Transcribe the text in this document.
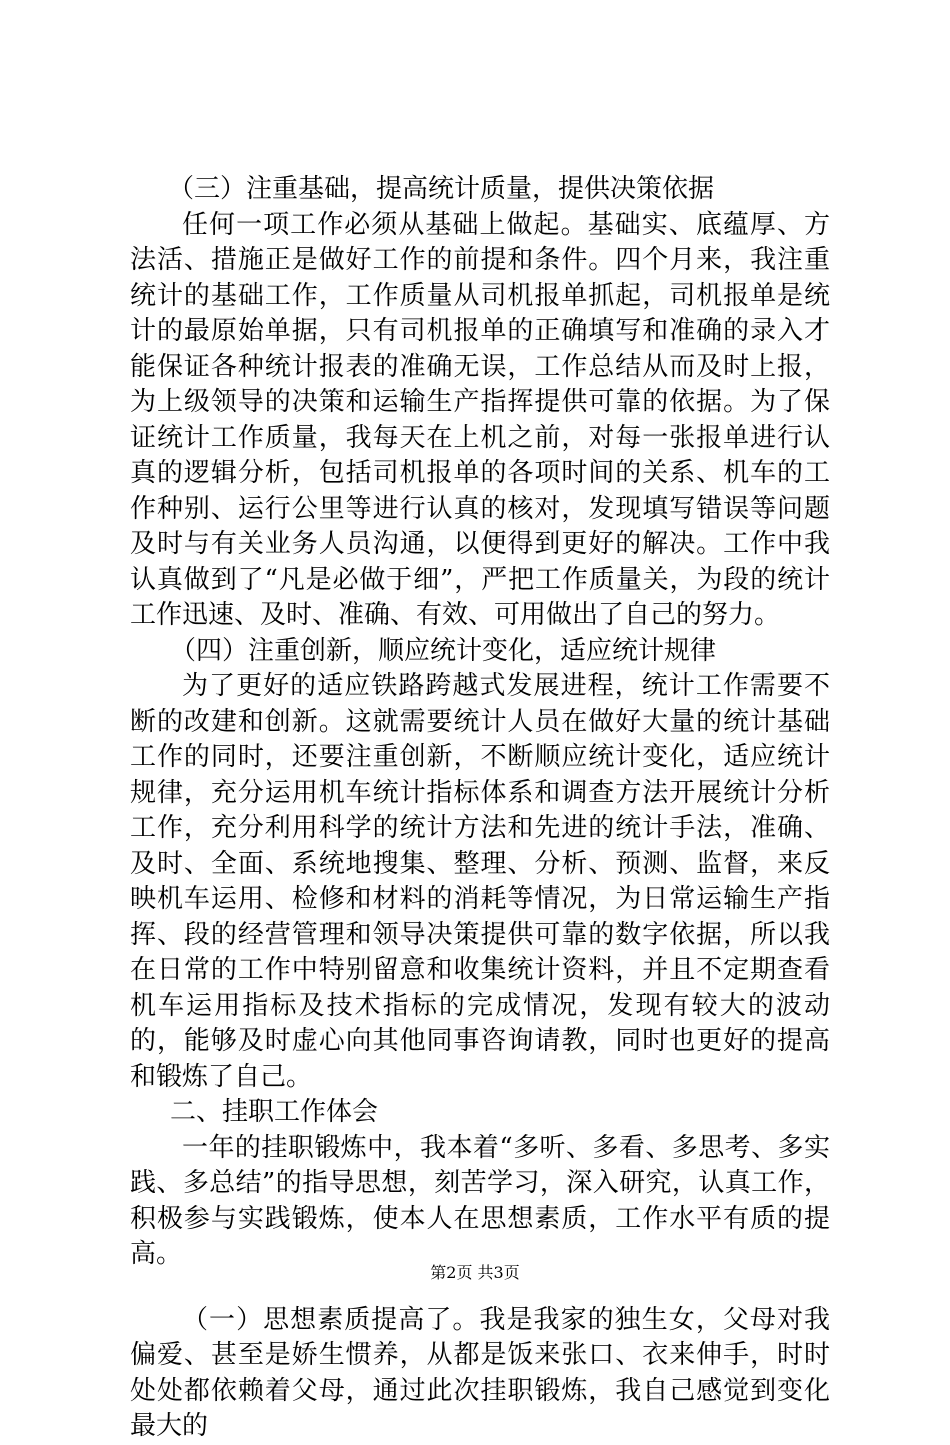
（三）注重基础，提高统计质量，提供决策依据

任何一项工作必须从基础上做起。基础实、底蕴厚、方法活、措施正是做好工作的前提和条件。四个月来，我注重统计的基础工作，工作质量从司机报单抓起，司机报单是统计的最原始单据，只有司机报单的正确填写和准确的录入才能保证各种统计报表的准确无误，工作总结从而及时上报，为上级领导的决策和运输生产指挥提供可靠的依据。为了保证统计工作质量，我每天在上机之前，对每一张报单进行认真的逻辑分析，包括司机报单的各项时间的关系、机车的工作种别、运行公里等进行认真的核对，发现填写错误等问题及时与有关业务人员沟通，以便得到更好的解决。工作中我认真做到了“凡是必做于细”，严把工作质量关，为段的统计工作迅速、及时、准确、有效、可用做出了自己的努力。

（四）注重创新，顺应统计变化，适应统计规律

为了更好的适应铁路跨越式发展进程，统计工作需要不断的改建和创新。这就需要统计人员在做好大量的统计基础工作的同时，还要注重创新，不断顺应统计变化，适应统计规律，充分运用机车统计指标体系和调查方法开展统计分析工作，充分利用科学的统计方法和先进的统计手法，准确、及时、全面、系统地搜集、整理、分析、预测、监督，来反映机车运用、检修和材料的消耗等情况，为日常运输生产指挥、段的经营管理和领导决策提供可靠的数字依据，所以我在日常的工作中特别留意和收集统计资料，并且不定期查看机车运用指标及技术指标的完成情况，发现有较大的波动的，能够及时虚心向其他同事咨询请教，同时也更好的提高和锻炼了自己。

二、挂职工作体会

一年的挂职锻炼中，我本着“多听、多看、多思考、多实践、多总结”的指导思想，刻苦学习，深入研究，认真工作，积极参与实践锻炼，使本人在思想素质，工作水平有质的提高。

（一）思想素质提高了。我是我家的独生女，父母对我偏爱、甚至是娇生惯养，从都是饭来张口、衣来伸手，时时处处都依赖着父母，通过此次挂职锻炼，我自己感觉到变化最大的

第2页 共3页
